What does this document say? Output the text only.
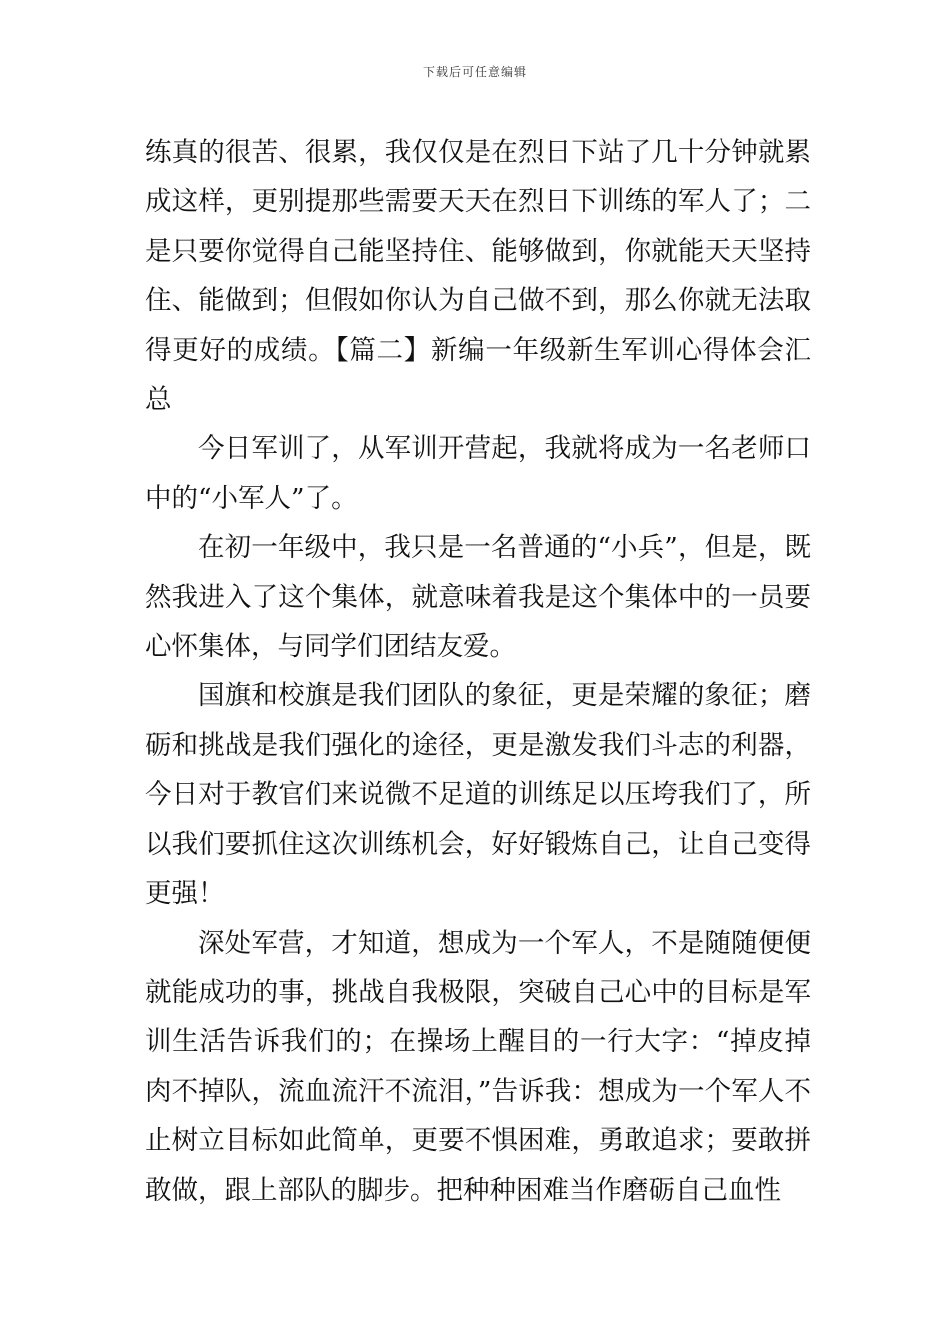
下载后可任意编辑

练真的很苦、很累，我仅仅是在烈日下站了几十分钟就累成这样，更别提那些需要天天在烈日下训练的军人了；二是只要你觉得自己能坚持住、能够做到，你就能天天坚持住、能做到；但假如你认为自己做不到，那么你就无法取得更好的成绩。【篇二】新编一年级新生军训心得体会汇总

今日军训了，从军训开营起，我就将成为一名老师口中的“小军人”了。

在初一年级中，我只是一名普通的“小兵”，但是，既然我进入了这个集体，就意味着我是这个集体中的一员要心怀集体，与同学们团结友爱。

国旗和校旗是我们团队的象征，更是荣耀的象征；磨砺和挑战是我们强化的途径，更是激发我们斗志的利器，今日对于教官们来说微不足道的训练足以压垮我们了，所以我们要抓住这次训练机会，好好锻炼自己，让自己变得更强！

深处军营，才知道，想成为一个军人，不是随随便便就能成功的事，挑战自我极限，突破自己心中的目标是军训生活告诉我们的；在操场上醒目的一行大字：“掉皮掉肉不掉队，流血流汗不流泪，”告诉我：想成为一个军人不止树立目标如此简单，更要不惧困难，勇敢追求；要敢拼敢做，跟上部队的脚步。把种种困难当作磨砺自己血性
